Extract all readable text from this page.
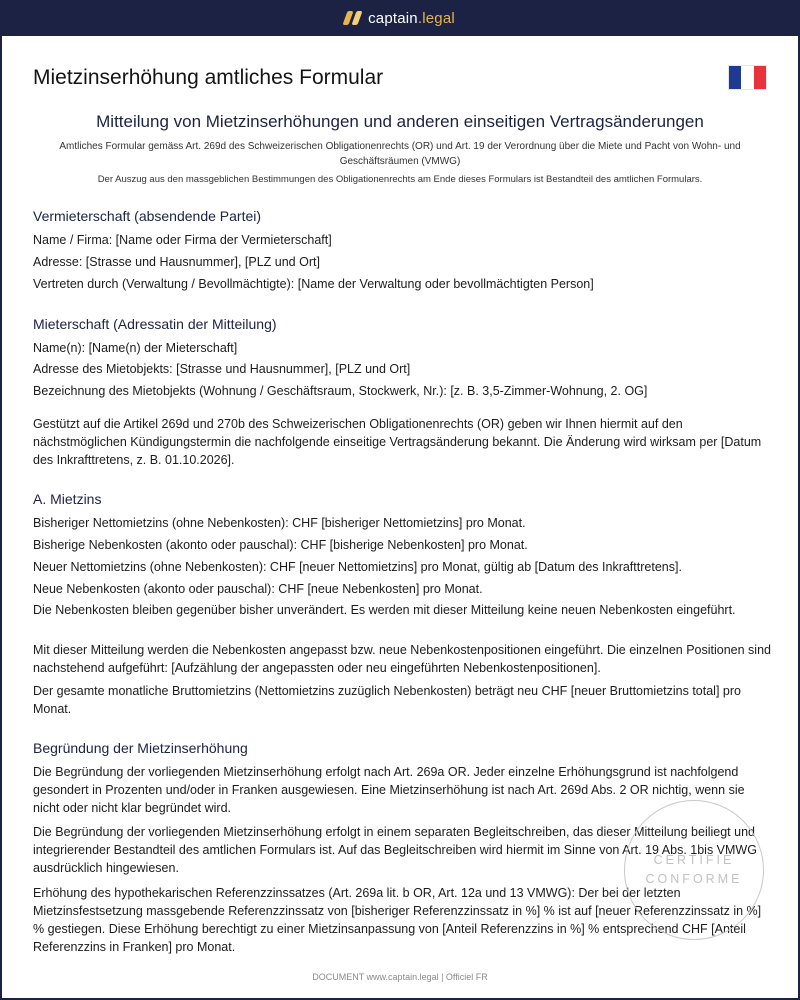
captain.legal
Mietzinserhöhung amtliches Formular
Mitteilung von Mietzinserhöhungen und anderen einseitigen Vertragsänderungen
Amtliches Formular gemäss Art. 269d des Schweizerischen Obligationenrechts (OR) und Art. 19 der Verordnung über die Miete und Pacht von Wohn- und Geschäftsräumen (VMWG)
Der Auszug aus den massgeblichen Bestimmungen des Obligationenrechts am Ende dieses Formulars ist Bestandteil des amtlichen Formulars.
Vermieterschaft (absendende Partei)
Name / Firma: [Name oder Firma der Vermieterschaft]
Adresse: [Strasse und Hausnummer], [PLZ und Ort]
Vertreten durch (Verwaltung / Bevollmächtigte): [Name der Verwaltung oder bevollmächtigten Person]
Mieterschaft (Adressatin der Mitteilung)
Name(n): [Name(n) der Mieterschaft]
Adresse des Mietobjekts: [Strasse und Hausnummer], [PLZ und Ort]
Bezeichnung des Mietobjekts (Wohnung / Geschäftsraum, Stockwerk, Nr.): [z. B. 3,5-Zimmer-Wohnung, 2. OG]
Gestützt auf die Artikel 269d und 270b des Schweizerischen Obligationenrechts (OR) geben wir Ihnen hiermit auf den nächstmöglichen Kündigungstermin die nachfolgende einseitige Vertragsänderung bekannt. Die Änderung wird wirksam per [Datum des Inkrafttretens, z. B. 01.10.2026].
A. Mietzins
Bisheriger Nettomietzins (ohne Nebenkosten): CHF [bisheriger Nettomietzins] pro Monat.
Bisherige Nebenkosten (akonto oder pauschal): CHF [bisherige Nebenkosten] pro Monat.
Neuer Nettomietzins (ohne Nebenkosten): CHF [neuer Nettomietzins] pro Monat, gültig ab [Datum des Inkrafttretens].
Neue Nebenkosten (akonto oder pauschal): CHF [neue Nebenkosten] pro Monat.
Die Nebenkosten bleiben gegenüber bisher unverändert. Es werden mit dieser Mitteilung keine neuen Nebenkosten eingeführt.
Mit dieser Mitteilung werden die Nebenkosten angepasst bzw. neue Nebenkostenpositionen eingeführt. Die einzelnen Positionen sind nachstehend aufgeführt: [Aufzählung der angepassten oder neu eingeführten Nebenkostenpositionen].
Der gesamte monatliche Bruttomietzins (Nettomietzins zuzüglich Nebenkosten) beträgt neu CHF [neuer Bruttomietzins total] pro Monat.
Begründung der Mietzinserhöhung
Die Begründung der vorliegenden Mietzinserhöhung erfolgt nach Art. 269a OR. Jeder einzelne Erhöhungsgrund ist nachfolgend gesondert in Prozenten und/oder in Franken ausgewiesen. Eine Mietzinserhöhung ist nach Art. 269d Abs. 2 OR nichtig, wenn sie nicht oder nicht klar begründet wird.
Die Begründung der vorliegenden Mietzinserhöhung erfolgt in einem separaten Begleitschreiben, das dieser Mitteilung beiliegt und integrierender Bestandteil des amtlichen Formulars ist. Auf das Begleitschreiben wird hiermit im Sinne von Art. 19 Abs. 1bis VMWG ausdrücklich hingewiesen.
Erhöhung des hypothekarischen Referenzzinssatzes (Art. 269a lit. b OR, Art. 12a und 13 VMWG): Der bei der letzten Mietzinsfestsetzung massgebende Referenzzinssatz von [bisheriger Referenzzinssatz in %] % ist auf [neuer Referenzzinssatz in %] % gestiegen. Diese Erhöhung berechtigt zu einer Mietzinsanpassung von [Anteil Referenzzins in %] % entsprechend CHF [Anteil Referenzzins in Franken] pro Monat.
CERTIFIÉ
CONFORME
DOCUMENT www.captain.legal | Officiel FR
